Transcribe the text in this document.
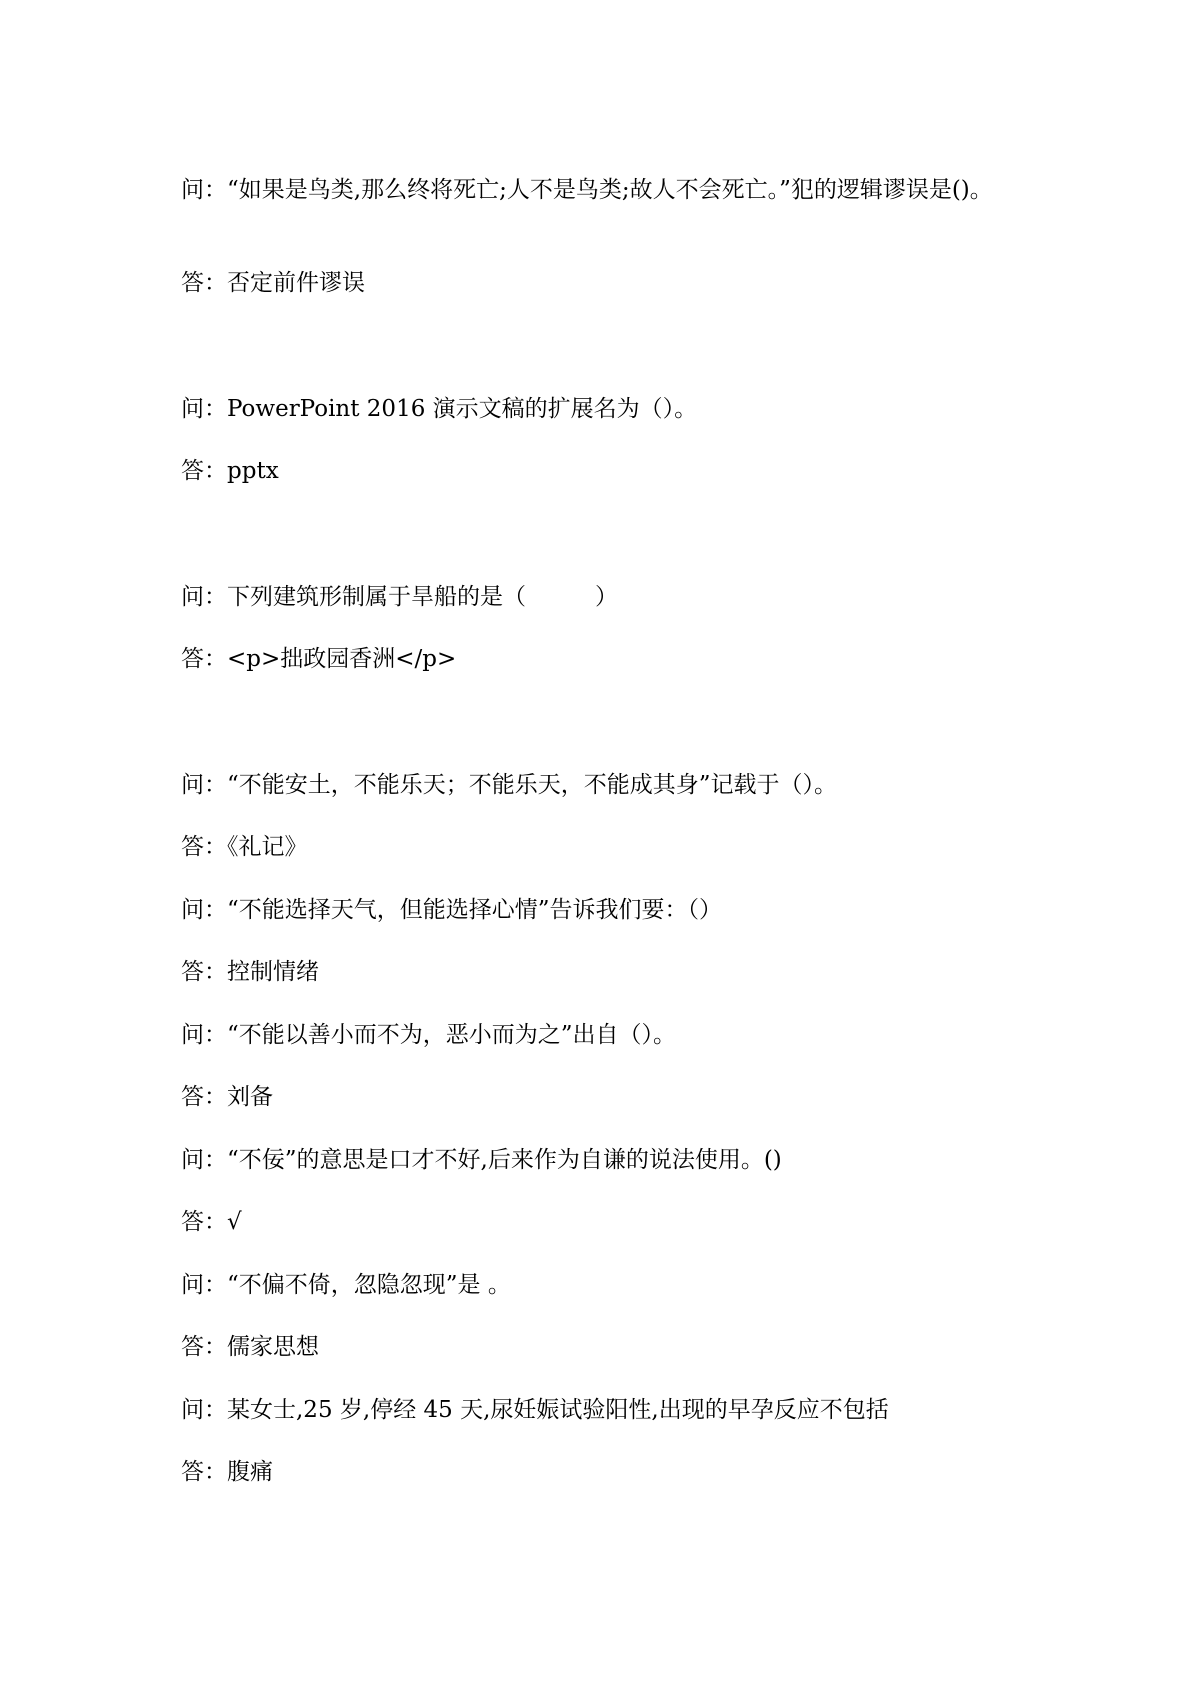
问：“如果是鸟类,那么终将死亡;人不是鸟类;故人不会死亡。”犯的逻辑谬误是()。
答：否定前件谬误
问：PowerPoint 2016 演示文稿的扩展名为（）。
答：pptx
问：下列建筑形制属于旱船的是（　　　）
答：<p>拙政园香洲</p>
问：“不能安土，不能乐天；不能乐天，不能成其身”记载于（）。
答：《礼记》
问：“不能选择天气，但能选择心情”告诉我们要：（）
答：控制情绪
问：“不能以善小而不为，恶小而为之”出自（）。
答：刘备
问：“不佞”的意思是口才不好,后来作为自谦的说法使用。()
答：√
问：“不偏不倚，忽隐忽现”是 。
答：儒家思想
问：某女士,25 岁,停经 45 天,尿妊娠试验阳性,出现的早孕反应不包括
答：腹痛
